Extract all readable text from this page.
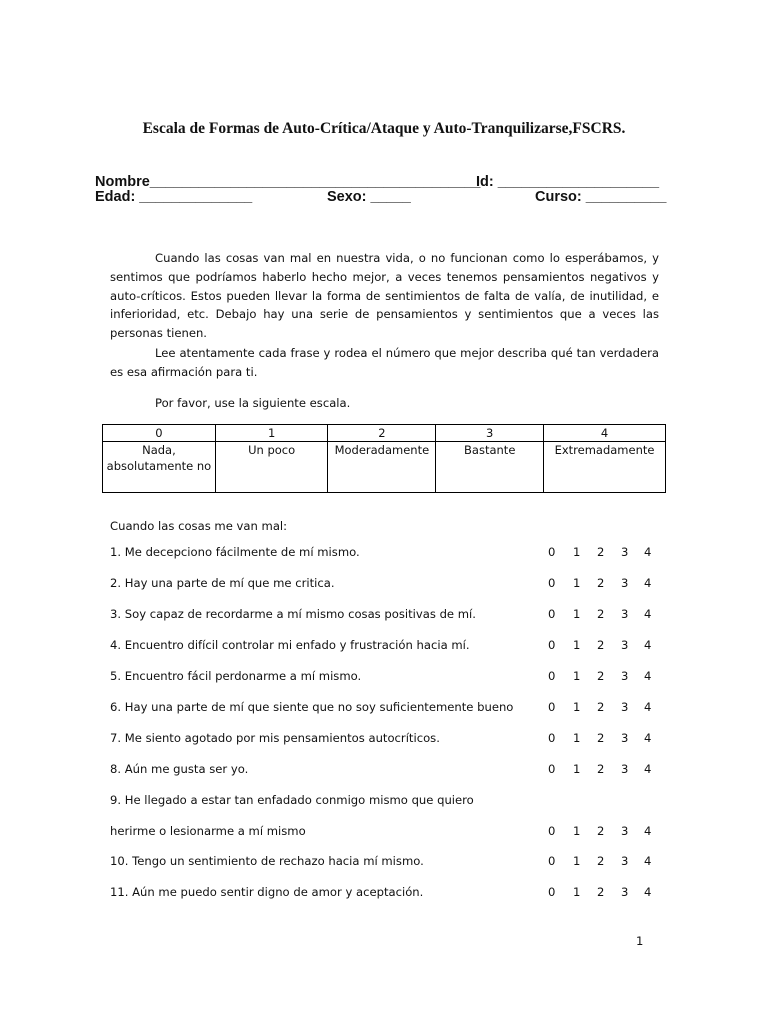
Escala de Formas de Auto-Crítica/Ataque y Auto-Tranquilizarse,FSCRS.
Nombre_________________________________________
Id: ____________________
Edad: ______________	Sexo: _____	Curso: __________

Cuando las cosas van mal en nuestra vida, o no funcionan como lo esperábamos, y sentimos que podríamos haberlo hecho mejor, a veces tenemos pensamientos negativos y auto-críticos. Estos pueden llevar la forma de sentimientos de falta de valía, de inutilidad, e inferioridad, etc. Debajo hay una serie de pensamientos y sentimientos que a veces las personas tienen.

Lee atentamente cada frase y rodea el número que mejor describa qué tan verdadera es esa afirmación para ti.

Por favor, use la siguiente escala.

0	1	2	3	4
Nada, absolutamente no	Un poco	Moderadamente	Bastante	Extremadamente
Cuando las cosas me van mal:
1. Me decepciono fácilmente de mí mismo.	0 1 2 3 4
2. Hay una parte de mí que me critica.	0 1 2 3 4
3. Soy capaz de recordarme a mí mismo cosas positivas de mí.	0 1 2 3 4
4. Encuentro difícil controlar mi enfado y frustración hacia mí.	0 1 2 3 4
5. Encuentro fácil perdonarme a mí mismo.	0 1 2 3 4
6. Hay una parte de mí que siente que no soy suficientemente bueno	0 1 2 3 4
7. Me siento agotado por mis pensamientos autocríticos.	0 1 2 3 4
8. Aún me gusta ser yo.	0 1 2 3 4
9. He llegado a estar tan enfadado conmigo mismo que quiero
herirme o lesionarme a mí mismo	0 1 2 3 4
10. Tengo un sentimiento de rechazo hacia mí mismo.	0 1 2 3 4
11. Aún me puedo sentir digno de amor y aceptación.	0 1 2 3 4
1
